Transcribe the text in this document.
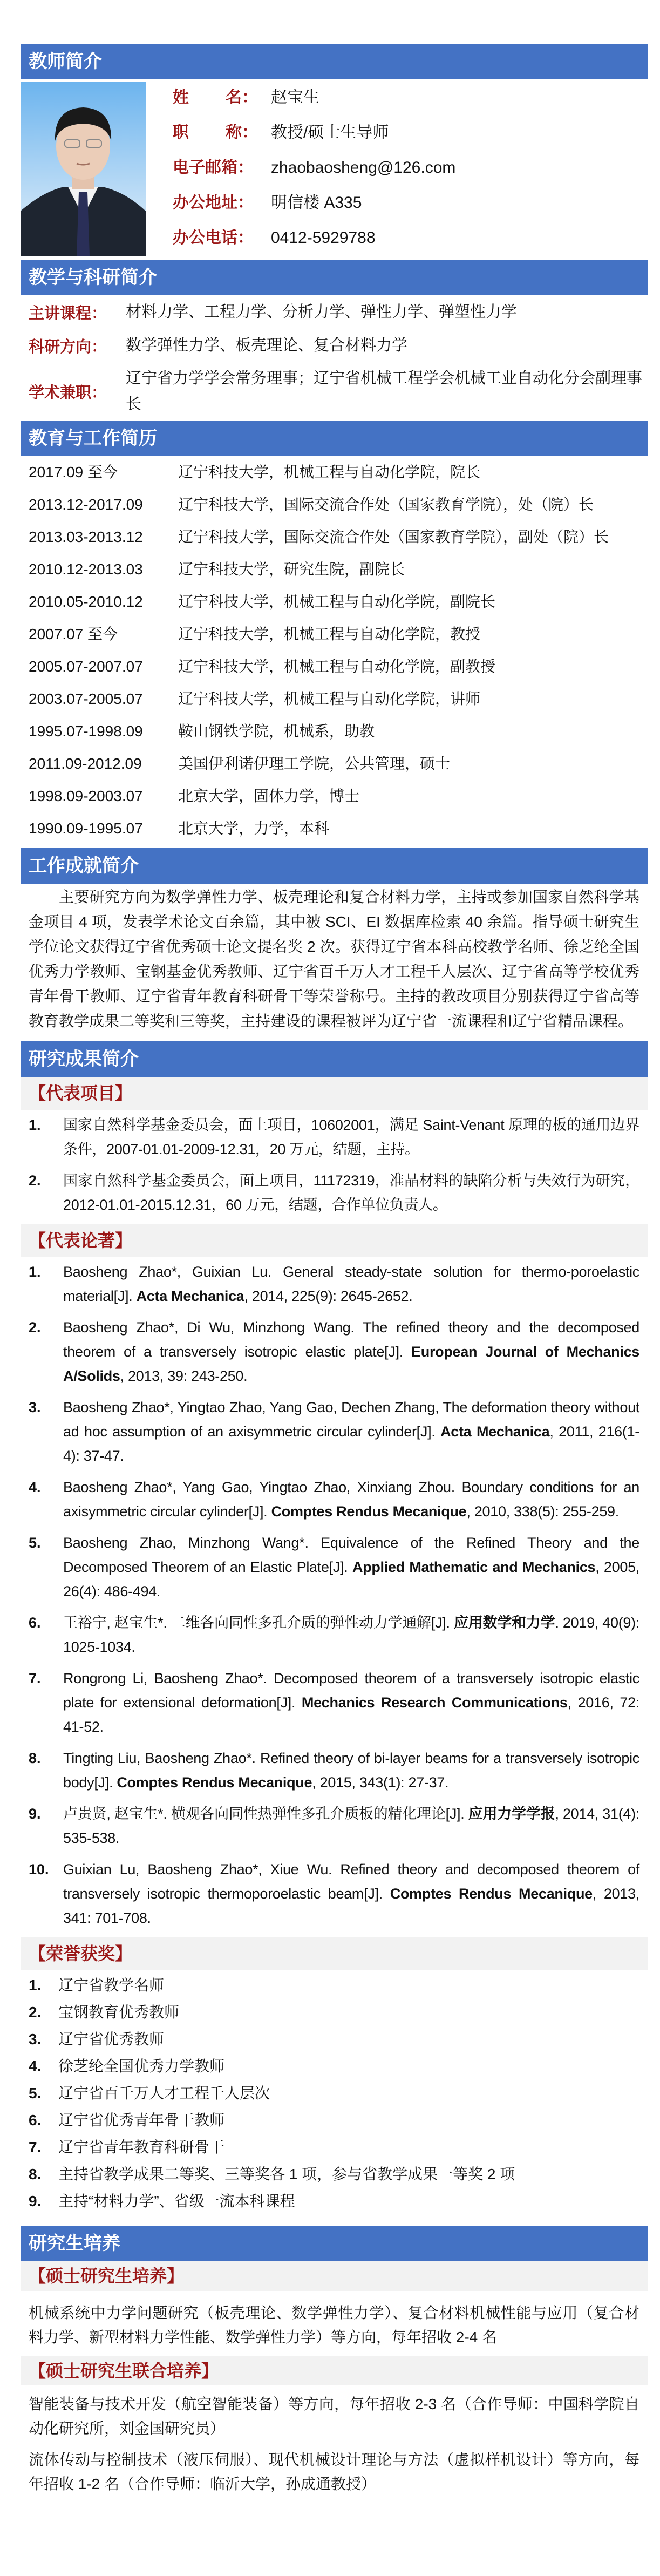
教师简介
姓 名： 赵宝生
职 称： 教授/硕士生导师
电子邮箱：	zhaobaosheng@126.com
办公地址：	明信楼 A335
办公电话：	0412-5929788
教学与科研简介
主讲课程：	材料力学、工程力学、分析力学、弹性力学、弹塑性力学
科研方向：	数学弹性力学、板壳理论、复合材料力学
学术兼职：
辽宁省力学学会常务理事；辽宁省机械工程学会机械工业自动化分会副理事长
教育与工作简历
2017.09 至今	辽宁科技大学，机械工程与自动化学院，院长
2013.12-2017.09	辽宁科技大学，国际交流合作处（国家教育学院），处（院）长
2013.03-2013.12	辽宁科技大学，国际交流合作处（国家教育学院），副处（院）长
2010.12-2013.03	辽宁科技大学，研究生院，副院长
2010.05-2010.12	辽宁科技大学，机械工程与自动化学院，副院长
2007.07 至今	辽宁科技大学，机械工程与自动化学院，教授
2005.07-2007.07	辽宁科技大学，机械工程与自动化学院，副教授
2003.07-2005.07	辽宁科技大学，机械工程与自动化学院，讲师
1995.07-1998.09	鞍山钢铁学院，机械系，助教
2011.09-2012.09	美国伊利诺伊理工学院，公共管理，硕士
1998.09-2003.07	北京大学，固体力学，博士
1990.09-1995.07	北京大学，力学，本科
工作成就简介
主要研究方向为数学弹性力学、板壳理论和复合材料力学，主持或参加国家自然科学基金项目 4 项，发表学术论文百余篇，其中被 SCI、EI 数据库检索 40 余篇。指导硕士研究生学位论文获得辽宁省优秀硕士论文提名奖 2 次。获得辽宁省本科高校教学名师、徐芝纶全国优秀力学教师、宝钢基金优秀教师、辽宁省百千万人才工程千人层次、辽宁省高等学校优秀青年骨干教师、辽宁省青年教育科研骨干等荣誉称号。主持的教改项目分别获得辽宁省高等教育教学成果二等奖和三等奖，主持建设的课程被评为辽宁省一流课程和辽宁省精品课程。
研究成果简介
【代表项目】
1.	国家自然科学基金委员会，面上项目，10602001，满足 Saint-Venant 原理的板的通用边界条件，2007-01.01-2009-12.31，20 万元，结题，主持。
2.	国家自然科学基金委员会，面上项目，11172319，准晶材料的缺陷分析与失效行为研究，2012-01.01-2015.12.31，60 万元，结题，合作单位负责人。
【代表论著】
1.	Baosheng Zhao*, Guixian Lu. General steady-state solution for thermo-poroelastic material[J]. Acta Mechanica, 2014, 225(9): 2645-2652.
2.	Baosheng Zhao*, Di Wu, Minzhong Wang. The refined theory and the decomposed theorem of a transversely isotropic elastic plate[J]. European Journal of Mechanics A/Solids, 2013, 39: 243-250.
3.	Baosheng Zhao*, Yingtao Zhao, Yang Gao, Dechen Zhang, The deformation theory without ad hoc assumption of an axisymmetric circular cylinder[J]. Acta Mechanica, 2011, 216(1-4): 37-47.
4.	Baosheng Zhao*, Yang Gao, Yingtao Zhao, Xinxiang Zhou. Boundary conditions for an axisymmetric circular cylinder[J]. Comptes Rendus Mecanique, 2010, 338(5): 255-259.
5.	Baosheng Zhao, Minzhong Wang*. Equivalence of the Refined Theory and the Decomposed Theorem of an Elastic Plate[J]. Applied Mathematic and Mechanics, 2005, 26(4): 486-494.
6.	王裕宁, 赵宝生*. 二维各向同性多孔介质的弹性动力学通解[J]. 应用数学和力学. 2019, 40(9): 1025-1034.
7.	Rongrong Li, Baosheng Zhao*. Decomposed theorem of a transversely isotropic elastic plate for extensional deformation[J]. Mechanics Research Communications, 2016, 72: 41-52.
8.	Tingting Liu, Baosheng Zhao*. Refined theory of bi-layer beams for a transversely isotropic body[J]. Comptes Rendus Mecanique, 2015, 343(1): 27-37.
9.	卢贵贤, 赵宝生*. 横观各向同性热弹性多孔介质板的精化理论[J]. 应用力学学报, 2014, 31(4): 535-538.
10. Guixian Lu, Baosheng Zhao*, Xiue Wu. Refined theory and decomposed theorem of transversely isotropic thermoporoelastic beam[J]. Comptes Rendus Mecanique, 2013, 341: 701-708.
【荣誉获奖】
1.	辽宁省教学名师
2.	宝钢教育优秀教师
3.	辽宁省优秀教师
4.	徐芝纶全国优秀力学教师
5.	辽宁省百千万人才工程千人层次
6.	辽宁省优秀青年骨干教师
7.	辽宁省青年教育科研骨干
8.	主持省教学成果二等奖、三等奖各 1 项，参与省教学成果一等奖 2 项
9.	主持“材料力学”、省级一流本科课程
研究生培养
【硕士研究生培养】
机械系统中力学问题研究（板壳理论、数学弹性力学）、复合材料机械性能与应用（复合材料力学、新型材料力学性能、数学弹性力学）等方向，每年招收 2-4 名
【硕士研究生联合培养】
智能装备与技术开发（航空智能装备）等方向，每年招收 2-3 名（合作导师：中国科学院自动化研究所，刘金国研究员）
流体传动与控制技术（液压伺服）、现代机械设计理论与方法（虚拟样机设计）等方向，每年招收 1-2 名（合作导师：临沂大学，孙成通教授）
